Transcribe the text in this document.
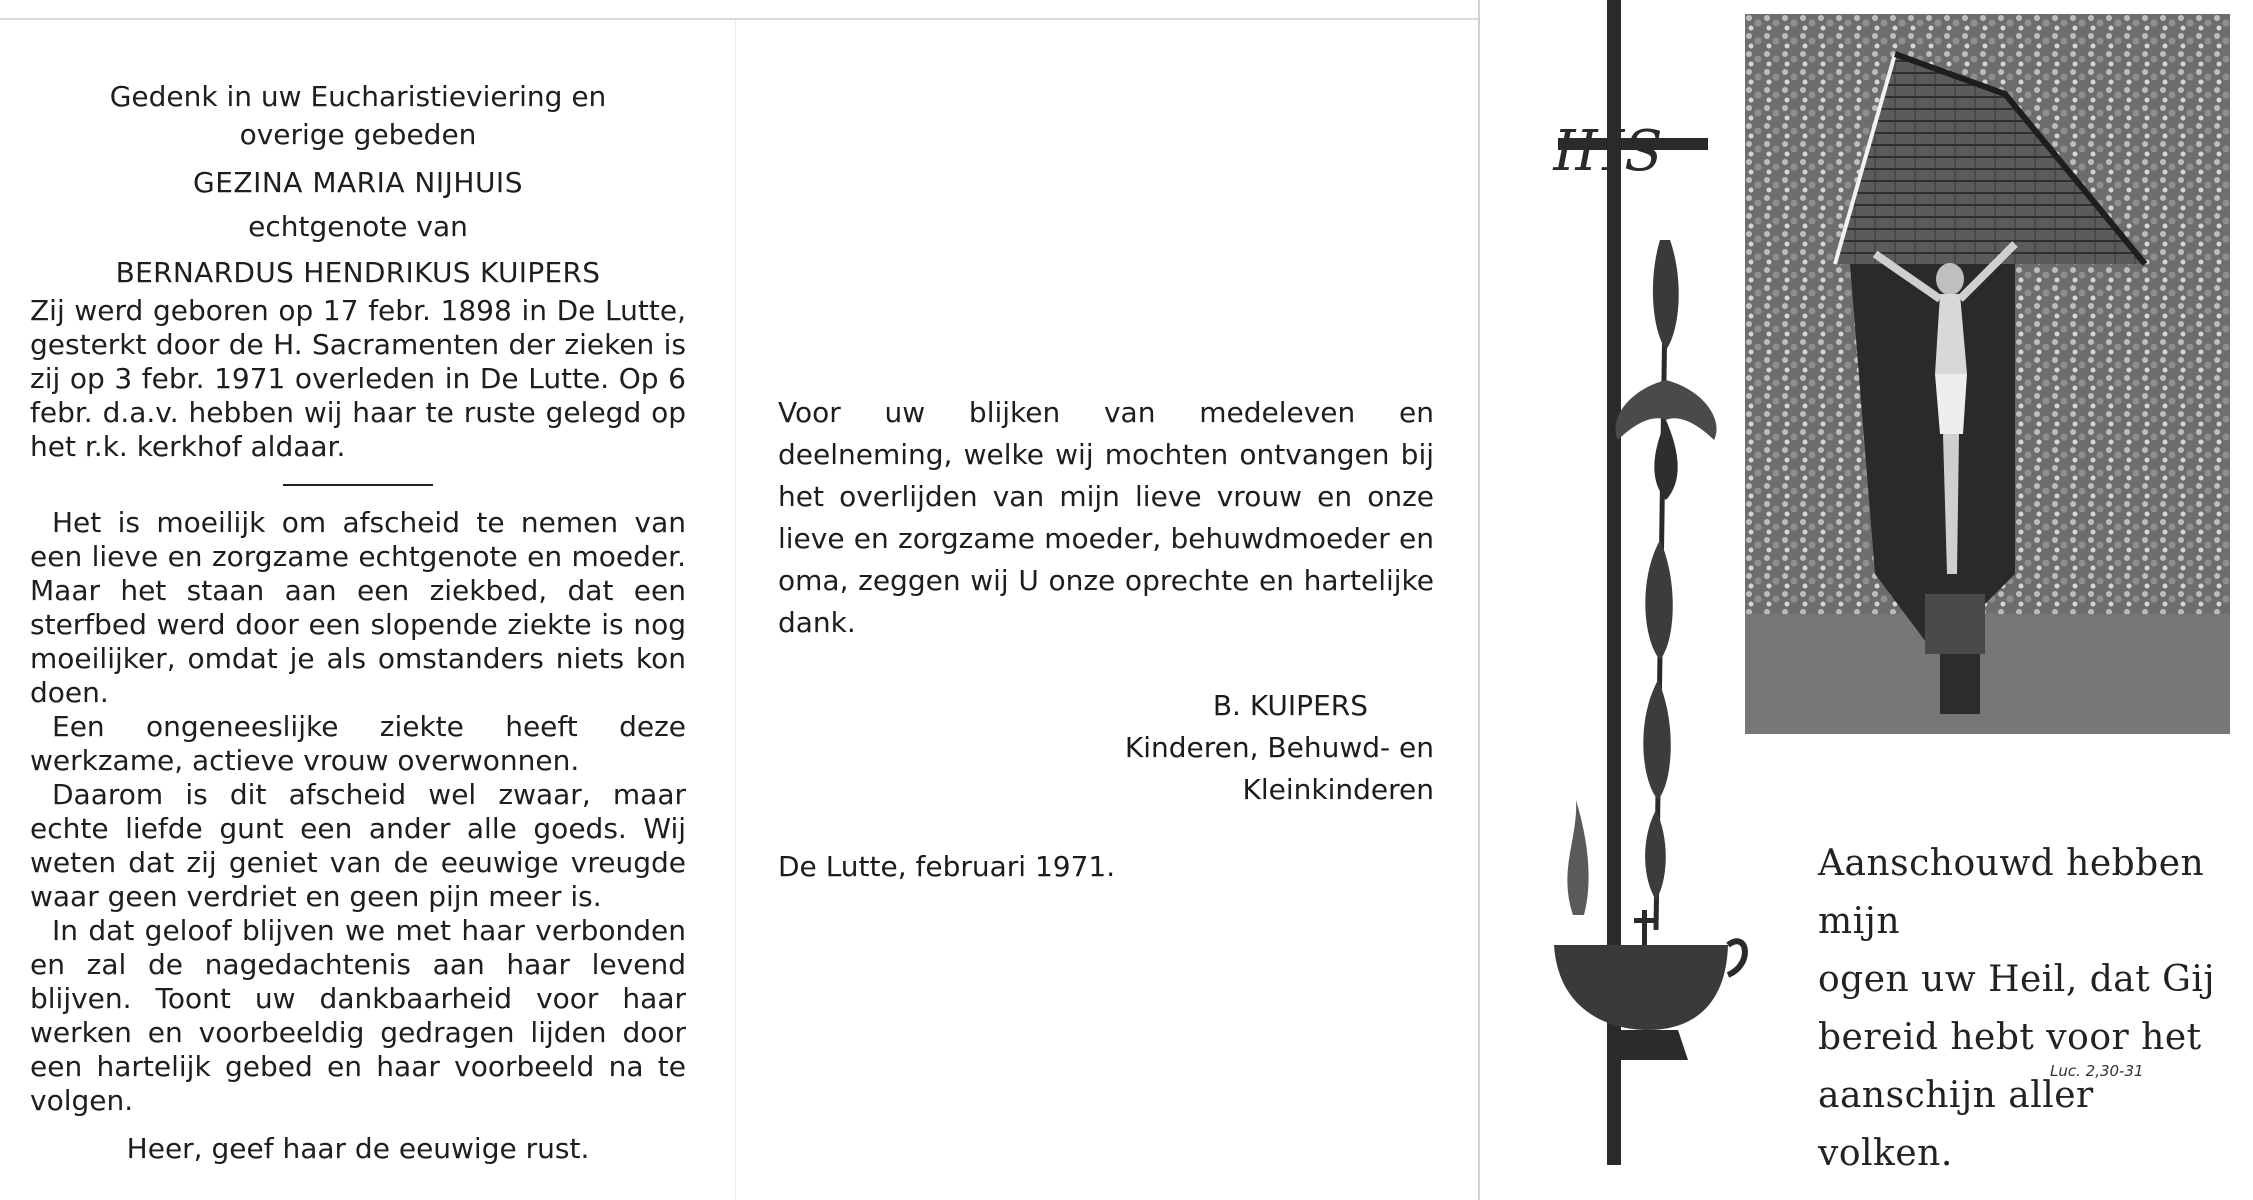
Gedenk in uw Eucharistieviering en

overige gebeden

GEZINA MARIA NIJHUIS

echtgenote van

BERNARDUS HENDRIKUS KUIPERS

Zij werd geboren op 17 febr. 1898 in De Lutte, gesterkt door de H. Sacramenten der zieken is zij op 3 febr. 1971 overleden in De Lutte. Op 6 febr. d.a.v. hebben wij haar te ruste gelegd op het r.k. kerkhof aldaar.

Het is moeilijk om afscheid te nemen van een lieve en zorgzame echtgenote en moeder. Maar het staan aan een ziekbed, dat een sterfbed werd door een slopende ziekte is nog moeilijker, omdat je als omstanders niets kon doen.

Een ongeneeslijke ziekte heeft deze werkzame, actieve vrouw overwonnen.

Daarom is dit afscheid wel zwaar, maar echte liefde gunt een ander alle goeds. Wij weten dat zij geniet van de eeuwige vreugde waar geen verdriet en geen pijn meer is.

In dat geloof blijven we met haar verbonden en zal de nagedachtenis aan haar levend blijven. Toont uw dankbaarheid voor haar werken en voorbeeldig gedragen lijden door een hartelijk gebed en haar voorbeeld na te volgen.

Heer, geef haar de eeuwige rust.

Voor uw blijken van medeleven en deelneming, welke wij mochten ontvangen bij het overlijden van mijn lieve vrouw en onze lieve en zorgzame moeder, behuwdmoeder en oma, zeggen wij U onze oprechte en hartelijke dank.

B. KUIPERS
Kinderen, Behuwd- en
Kleinkinderen
De Lutte, februari 1971.
IHS
Aanschouwd hebben mijn
ogen uw Heil, dat Gij
bereid hebt voor het
aanschijn aller volken.
Luc. 2,30-31
